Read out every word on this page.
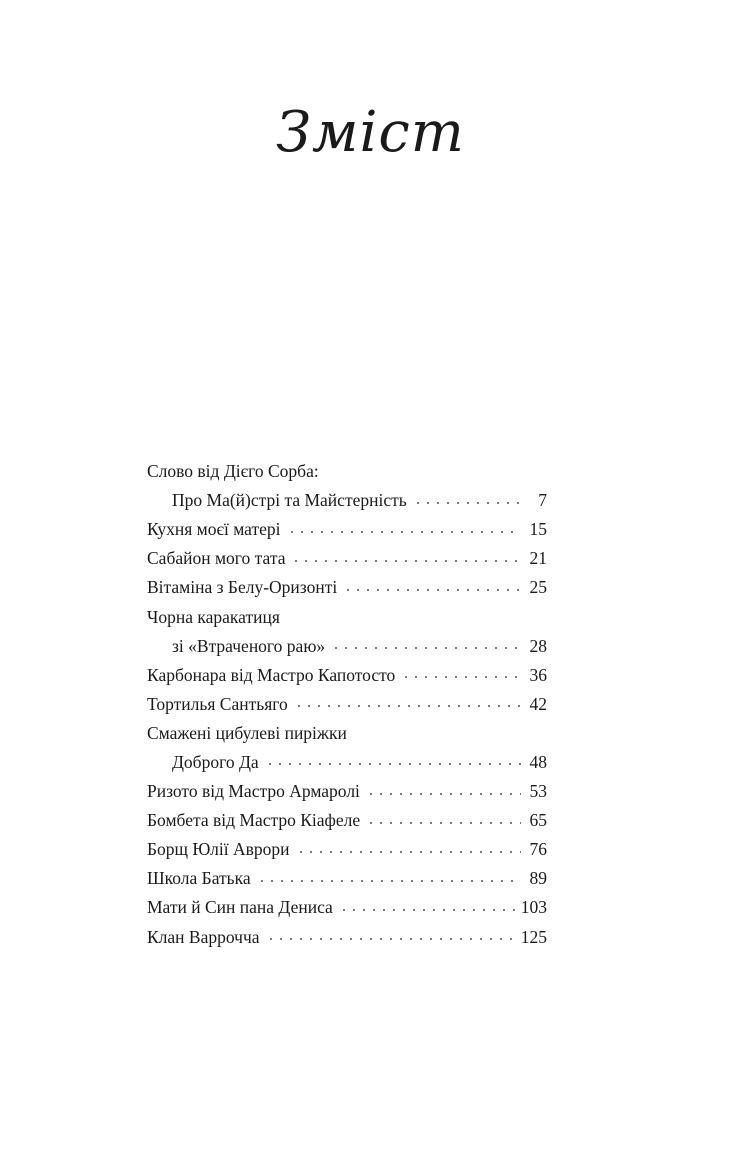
Зміст
Слово від Дієго Сорба:
Про Ма(й)стрі та Майстерність	7
Кухня моєї матері	15
Сабайон мого тата	21
Вітаміна з Белу-Оризонті	25
Чорна каракатиця
зі «Втраченого раю»	28
Карбонара від Мастро Капотосто	36
Тортилья Сантьяго	42
Смажені цибулеві пиріжки
Доброго Да	48
Ризото від Мастро Армаролі	53
Бомбета від Мастро Кіафеле	65
Борщ Юлії Аврори	76
Школа Батька	89
Мати й Син пана Дениса	103
Клан Варроччa	125
